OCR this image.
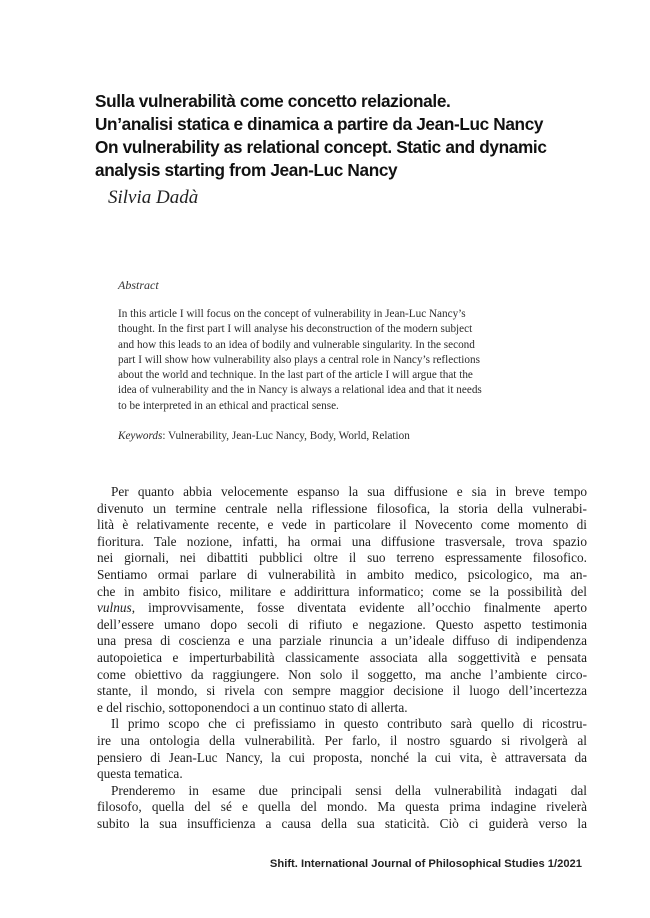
Sulla vulnerabilità come concetto relazionale.
Un’analisi statica e dinamica a partire da Jean-Luc Nancy
On vulnerability as relational concept. Static and dynamic
analysis starting from Jean-Luc Nancy
Silvia Dadà
Abstract
In this article I will focus on the concept of vulnerability in Jean-Luc Nancy’s
thought. In the first part I will analyse his deconstruction of the modern subject
and how this leads to an idea of bodily and vulnerable singularity. In the second
part I will show how vulnerability also plays a central role in Nancy’s reflections
about the world and technique. In the last part of the article I will argue that the
idea of vulnerability and the in Nancy is always a relational idea and that it needs
to be interpreted in an ethical and practical sense.
Keywords: Vulnerability, Jean-Luc Nancy, Body, World, Relation
Per quanto abbia velocemente espanso la sua diffusione e sia in breve tempo
divenuto un termine centrale nella riflessione filosofica, la storia della vulnerabi-
lità è relativamente recente, e vede in particolare il Novecento come momento di
fioritura. Tale nozione, infatti, ha ormai una diffusione trasversale, trova spazio
nei giornali, nei dibattiti pubblici oltre il suo terreno espressamente filosofico.
Sentiamo ormai parlare di vulnerabilità in ambito medico, psicologico, ma an-
che in ambito fisico, militare e addirittura informatico; come se la possibilità del
vulnus, improvvisamente, fosse diventata evidente all’occhio finalmente aperto
dell’essere umano dopo secoli di rifiuto e negazione. Questo aspetto testimonia
una presa di coscienza e una parziale rinuncia a un’ideale diffuso di indipendenza
autopoietica e imperturbabilità classicamente associata alla soggettività e pensata
come obiettivo da raggiungere. Non solo il soggetto, ma anche l’ambiente circo-
stante, il mondo, si rivela con sempre maggior decisione il luogo dell’incertezza
e del rischio, sottoponendoci a un continuo stato di allerta.
Il primo scopo che ci prefissiamo in questo contributo sarà quello di ricostru-
ire una ontologia della vulnerabilità. Per farlo, il nostro sguardo si rivolgerà al
pensiero di Jean-Luc Nancy, la cui proposta, nonché la cui vita, è attraversata da
questa tematica.
Prenderemo in esame due principali sensi della vulnerabilità indagati dal
filosofo, quella del sé e quella del mondo. Ma questa prima indagine rivelerà
subito la sua insufficienza a causa della sua staticità. Ciò ci guiderà verso la
Shift. International Journal of Philosophical Studies 1/2021
